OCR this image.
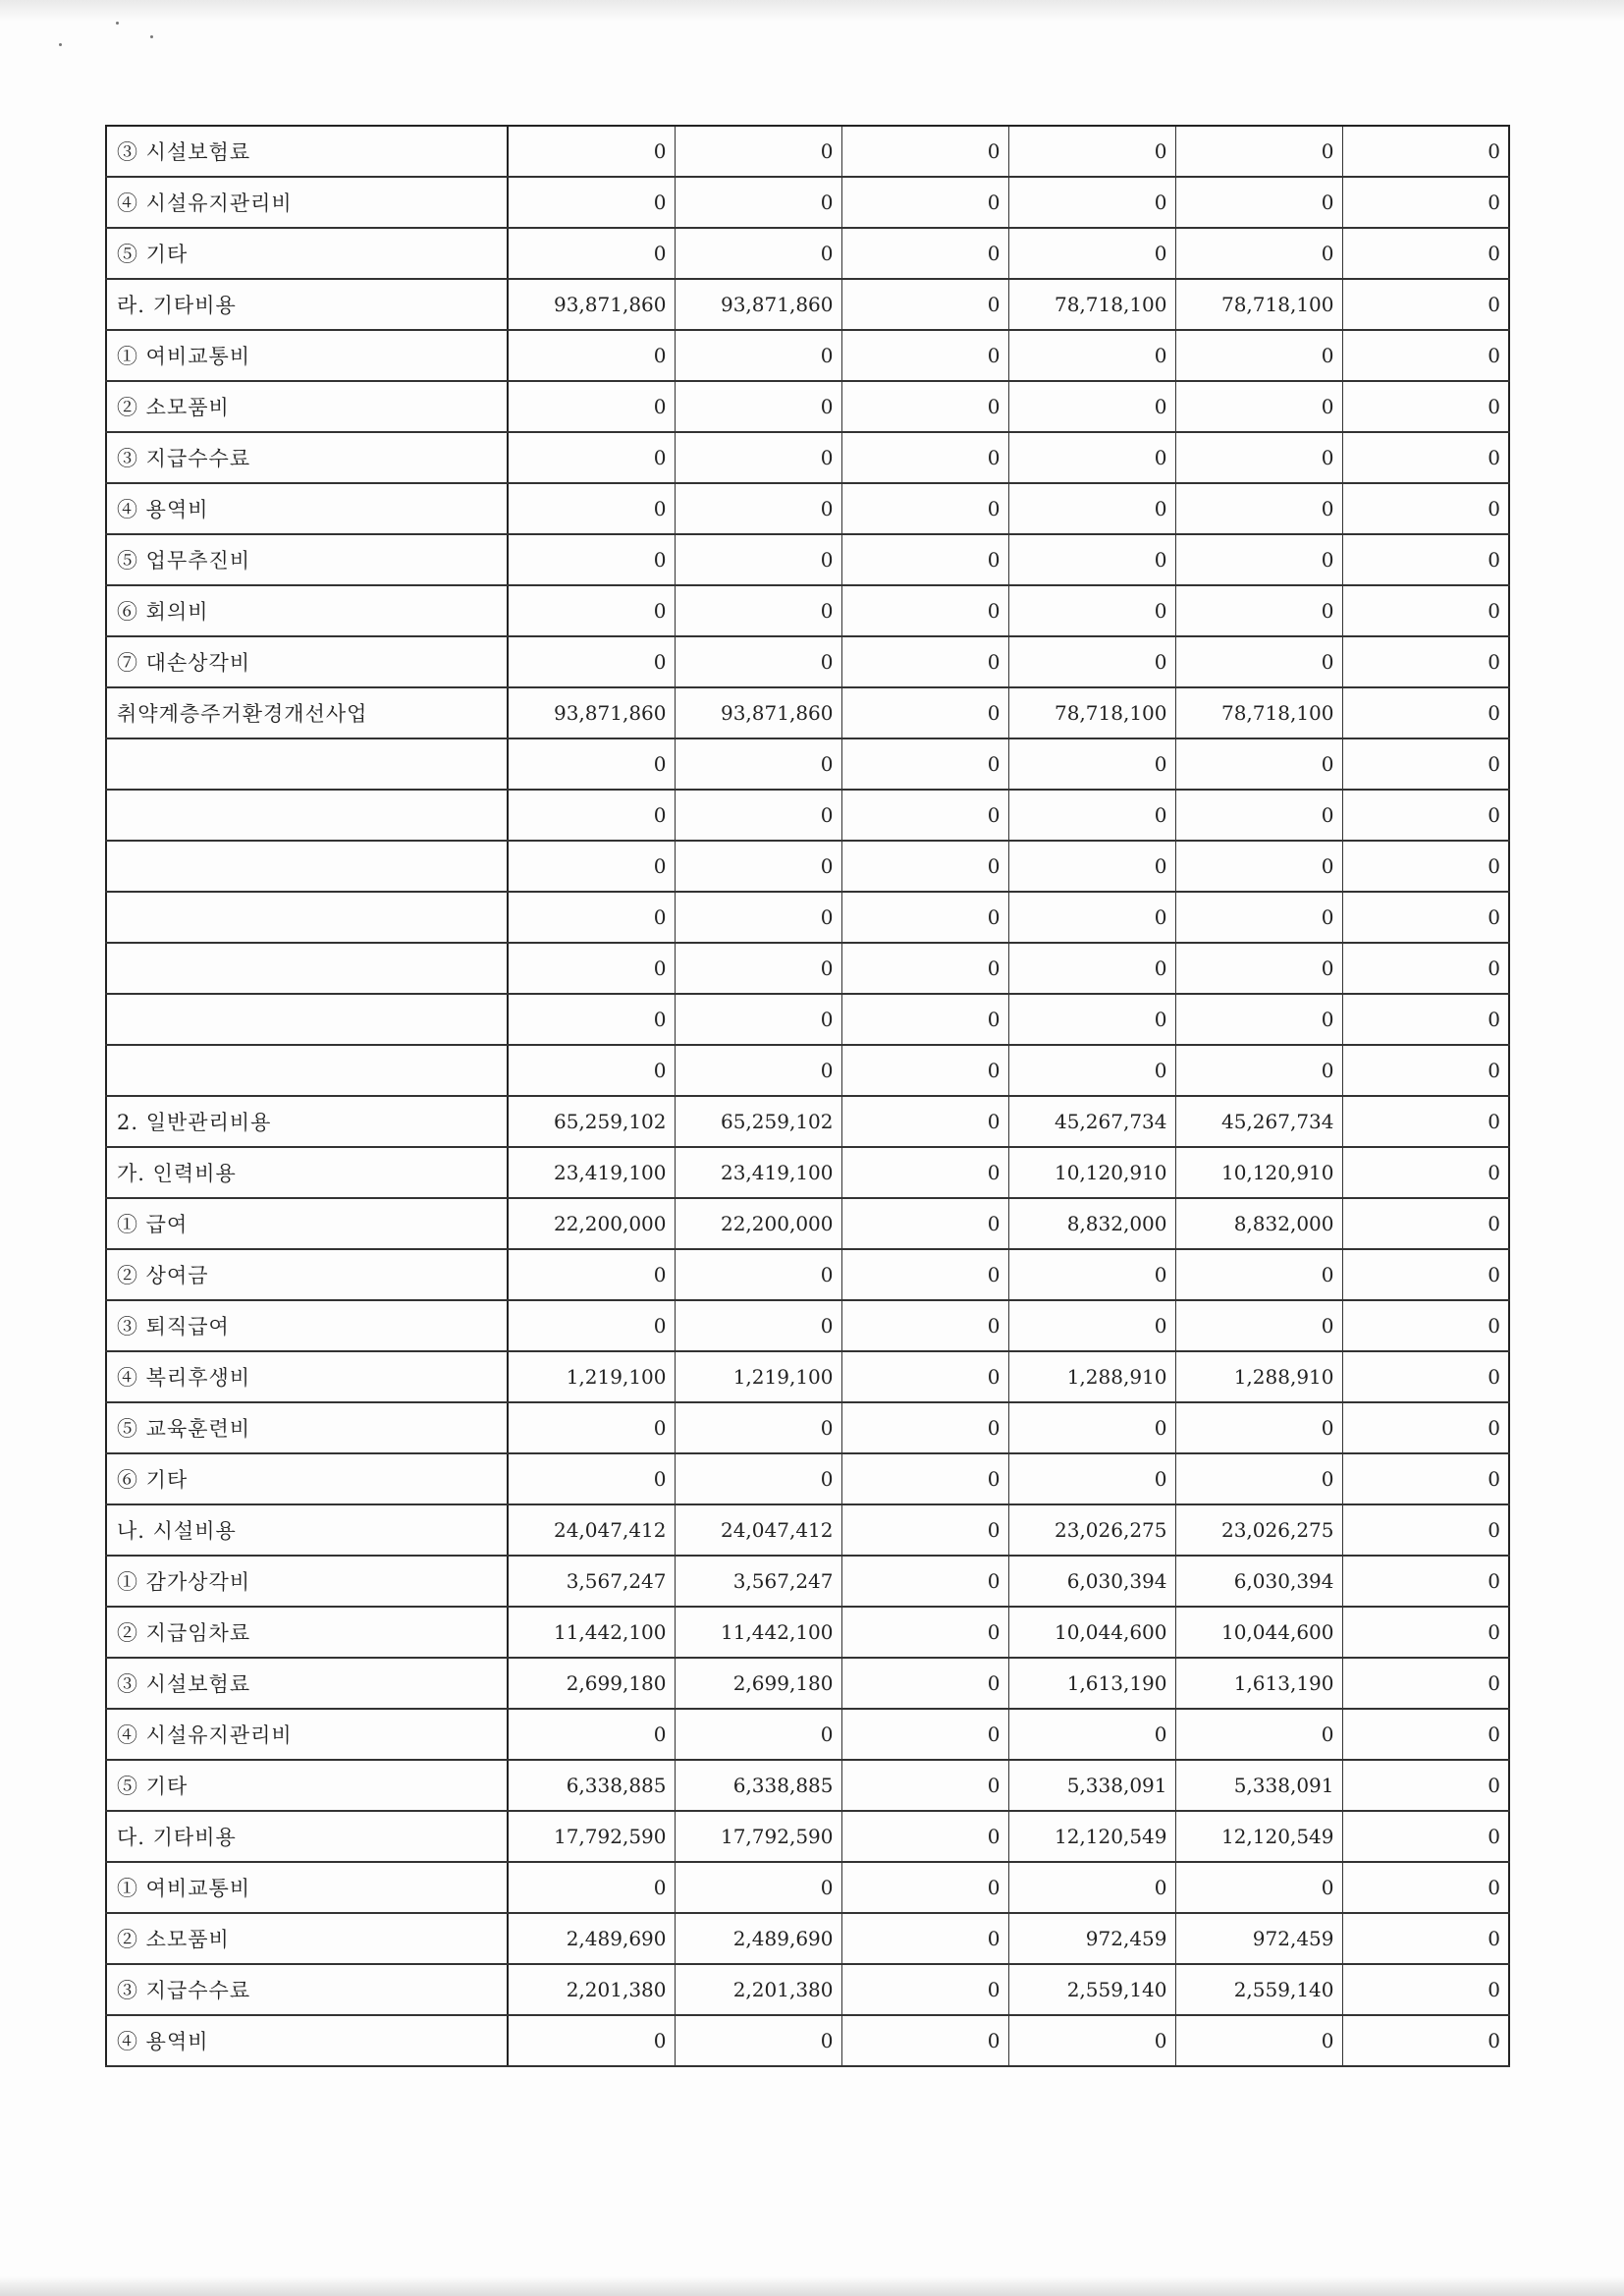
③ 시설보험료	0	0	0	0	0	0
④ 시설유지관리비	0	0	0	0	0	0
⑤ 기타	0	0	0	0	0	0
라. 기타비용	93,871,860	93,871,860	0	78,718,100	78,718,100	0
① 여비교통비	0	0	0	0	0	0
② 소모품비	0	0	0	0	0	0
③ 지급수수료	0	0	0	0	0	0
④ 용역비	0	0	0	0	0	0
⑤ 업무추진비	0	0	0	0	0	0
⑥ 회의비	0	0	0	0	0	0
⑦ 대손상각비	0	0	0	0	0	0
취약계층주거환경개선사업	93,871,860	93,871,860	0	78,718,100	78,718,100	0
	0	0	0	0	0	0
	0	0	0	0	0	0
	0	0	0	0	0	0
	0	0	0	0	0	0
	0	0	0	0	0	0
	0	0	0	0	0	0
	0	0	0	0	0	0
2. 일반관리비용	65,259,102	65,259,102	0	45,267,734	45,267,734	0
가. 인력비용	23,419,100	23,419,100	0	10,120,910	10,120,910	0
① 급여	22,200,000	22,200,000	0	8,832,000	8,832,000	0
② 상여금	0	0	0	0	0	0
③ 퇴직급여	0	0	0	0	0	0
④ 복리후생비	1,219,100	1,219,100	0	1,288,910	1,288,910	0
⑤ 교육훈련비	0	0	0	0	0	0
⑥ 기타	0	0	0	0	0	0
나. 시설비용	24,047,412	24,047,412	0	23,026,275	23,026,275	0
① 감가상각비	3,567,247	3,567,247	0	6,030,394	6,030,394	0
② 지급임차료	11,442,100	11,442,100	0	10,044,600	10,044,600	0
③ 시설보험료	2,699,180	2,699,180	0	1,613,190	1,613,190	0
④ 시설유지관리비	0	0	0	0	0	0
⑤ 기타	6,338,885	6,338,885	0	5,338,091	5,338,091	0
다. 기타비용	17,792,590	17,792,590	0	12,120,549	12,120,549	0
① 여비교통비	0	0	0	0	0	0
② 소모품비	2,489,690	2,489,690	0	972,459	972,459	0
③ 지급수수료	2,201,380	2,201,380	0	2,559,140	2,559,140	0
④ 용역비	0	0	0	0	0	0
